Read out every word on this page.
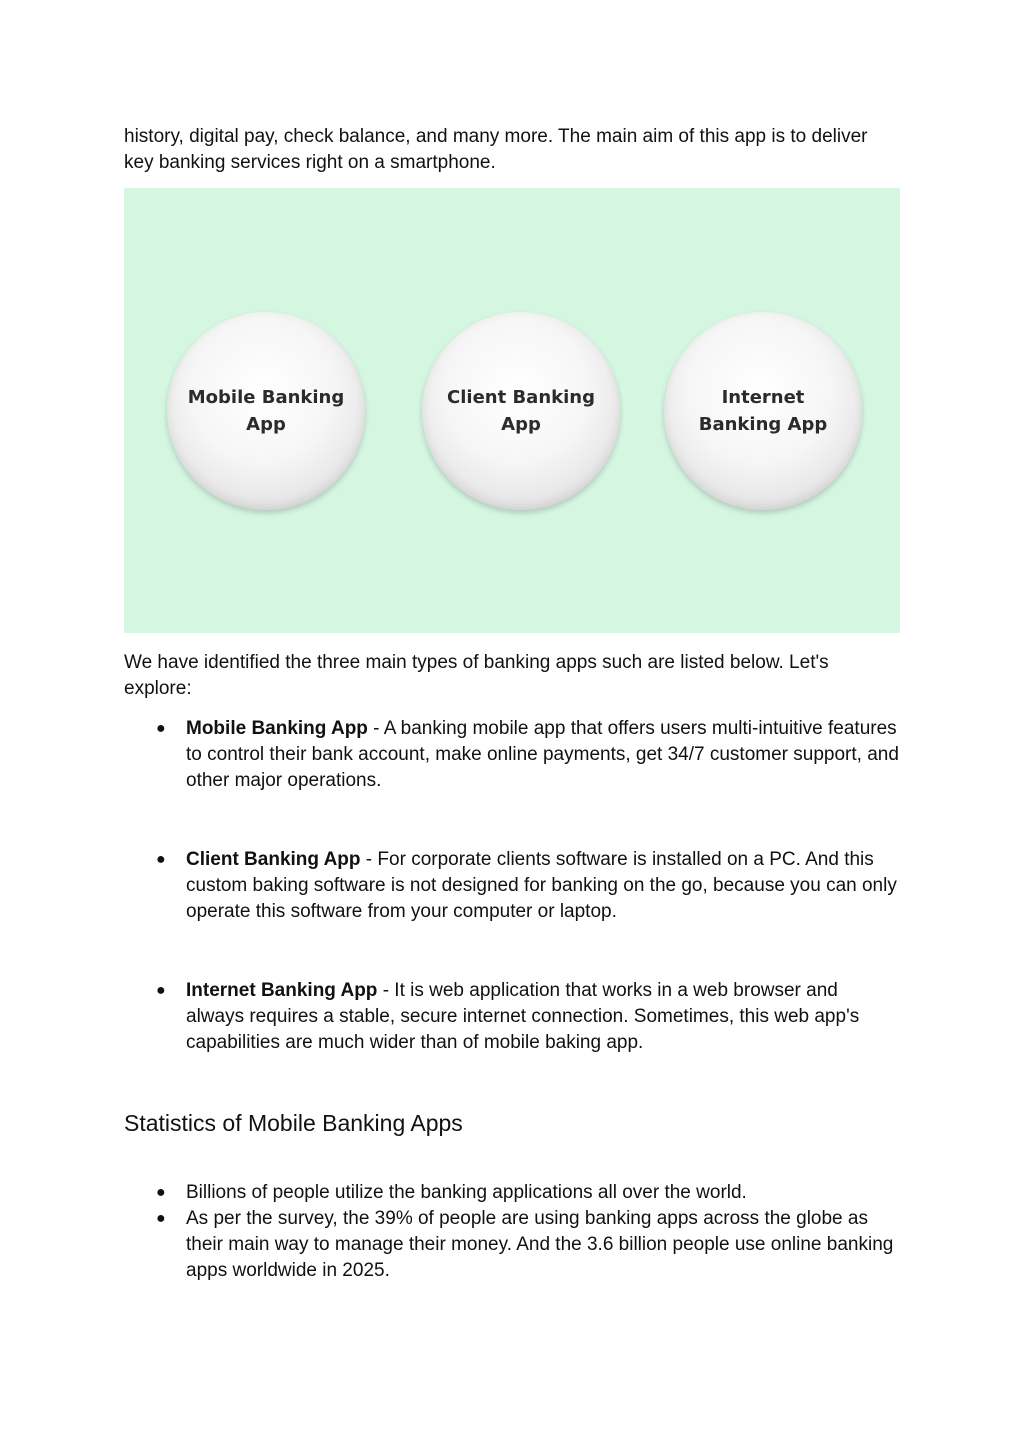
history, digital pay, check balance, and many more. The main aim of this app is to deliver key banking services right on a smartphone.

Mobile Banking App
Client Banking App
Internet Banking App

We have identified the three main types of banking apps such are listed below. Let's explore:

● Mobile Banking App - A banking mobile app that offers users multi-intuitive features to control their bank account, make online payments, get 34/7 customer support, and other major operations.
● Client Banking App - For corporate clients software is installed on a PC. And this custom baking software is not designed for banking on the go, because you can only operate this software from your computer or laptop.
● Internet Banking App - It is web application that works in a web browser and always requires a stable, secure internet connection. Sometimes, this web app's capabilities are much wider than of mobile baking app.
Statistics of Mobile Banking Apps
● Billions of people utilize the banking applications all over the world.
● As per the survey, the 39% of people are using banking apps across the globe as their main way to manage their money. And the 3.6 billion people use online banking apps worldwide in 2025.
